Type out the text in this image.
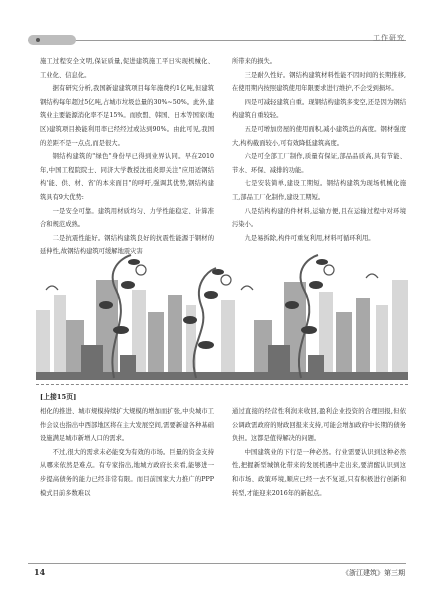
工作研究

施工过程安全文明,保证质量,促进建筑施工平日实现机械化、工业化、信息化。

据有研究分析,我国新建建筑项目每年施费约1亿吨,但建筑钢结构每年超过5亿吨,占城市垃圾总量的30%~50%。此外,建筑业主要能源消化率不足15%。而欧盟、韩国、日本等国家(地区)建筑项目换能利用率已经经过或达到90%。由此可见,我国的差距不是一点点,而是很大。

钢结构建筑的"绿色"身份早已得到业界认同。早在2010年,中国工程院院士、同济大学教授沈祖炎即关注"应用适钢结构'能、供、材、省'的本来面目"的呼吁,强调其优势,钢结构建筑具有9大优势:

一是安全可靠。建筑用材质均匀、力学性能稳定、计算准合和规范成熟。

二是抗震性能好。钢结构建筑良好的抗震性能源于钢材的延伸性,故钢结构建筑可缓解地震灾害

所带来的损失。

三是耐久性好。钢结构建筑材料性能不因时间的长期推移,在使用期内按照建筑使用年限要求进行维护,不会受到损坏。

四是可减轻建筑自重。现钢结构建筑多变空,还是因为钢结构建筑自重较轻。

五是可增加房屋的使用面积,减小建筑总的高度。钢材强度大,构构截面较小,可有效降低建筑高度。

六是可全部工厂制作,质量有保证,部品品质高,具有节能、节水、环保、减排的功能。

七是安装简单,建设工期短。钢结构建筑为现场机械化施工,部品工厂化制作,建设工期短。

八是结构构建的件材料,运输方便,且在运输过程中对环境污染小。

九是易拆除,构件可重复利用,材料可循环利用。

[上接15页]

相化的推进、城市规模持续扩大规模的增加而扩张,中央城市工作会议也指出中西部地区将在主大发展空间,需要新建各种基础设施满足城市新增人口的需求。

不过,很大的需求未必能变为有效的市场。巨量的资金支持从哪来依然是难点。有专家指出,地城方政府长来看,能够进一步提高债务的能力已经非常有限。而目前国家大力推广的PPP模式目前多数难以

通过直接的经营性利润来收回,盈利企业投资的合理回报,但依公调政需政府的财政回报来支持,可能会增加政府中长期的债务负担。这都是值得解决的问题。

中国建筑业的下行是一种必然。行业需要认识到这种必然性,把握新型城镇化带来的发展机遇中走出来,要清醒认识到这和市场、政策环境,顺应已经一去不复返,只有积极进行创新和转型,才能迎来2016年的新起点。

14	《浙江建筑》第三期
